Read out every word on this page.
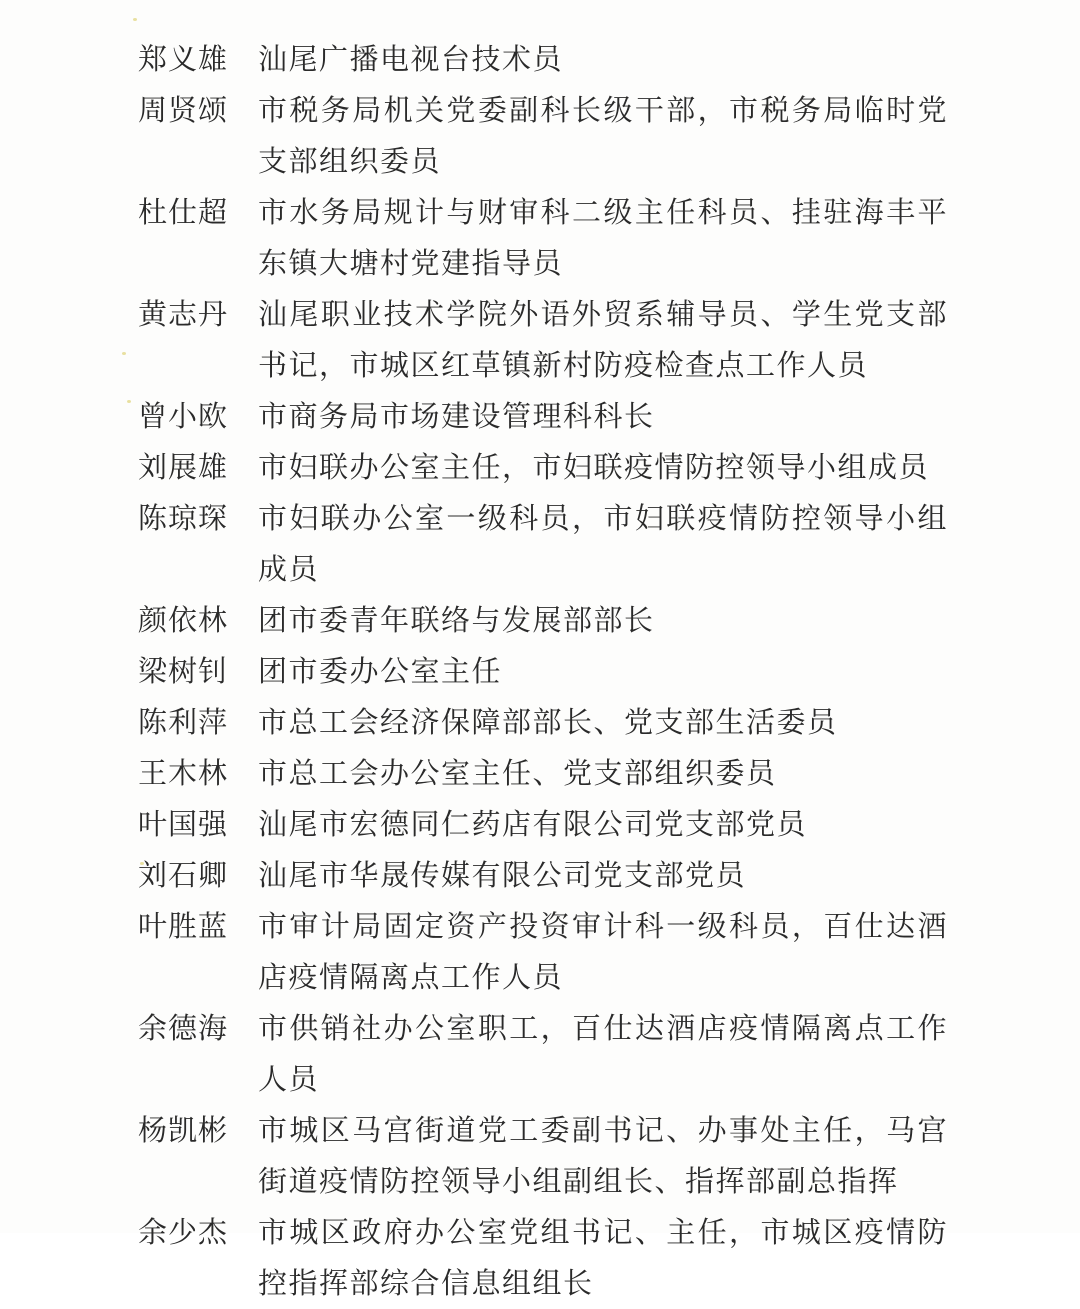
郑义雄	汕尾广播电视台技术员
周贤颂	市税务局机关党委副科长级干部，市税务局临时党支部组织委员
杜仕超	市水务局规计与财审科二级主任科员、挂驻海丰平东镇大塘村党建指导员
黄志丹	汕尾职业技术学院外语外贸系辅导员、学生党支部书记，市城区红草镇新村防疫检查点工作人员
曾小欧	市商务局市场建设管理科科长
刘展雄	市妇联办公室主任，市妇联疫情防控领导小组成员
陈琼琛	市妇联办公室一级科员，市妇联疫情防控领导小组成员
颜依林	团市委青年联络与发展部部长
梁树钊	团市委办公室主任
陈利萍	市总工会经济保障部部长、党支部生活委员
王木林	市总工会办公室主任、党支部组织委员
叶国强	汕尾市宏德同仁药店有限公司党支部党员
刘石卿	汕尾市华晟传媒有限公司党支部党员
叶胜蓝	市审计局固定资产投资审计科一级科员，百仕达酒店疫情隔离点工作人员
余德海	市供销社办公室职工，百仕达酒店疫情隔离点工作人员
杨凯彬	市城区马宫街道党工委副书记、办事处主任，马宫街道疫情防控领导小组副组长、指挥部副总指挥
余少杰	市城区政府办公室党组书记、主任，市城区疫情防控指挥部综合信息组组长
